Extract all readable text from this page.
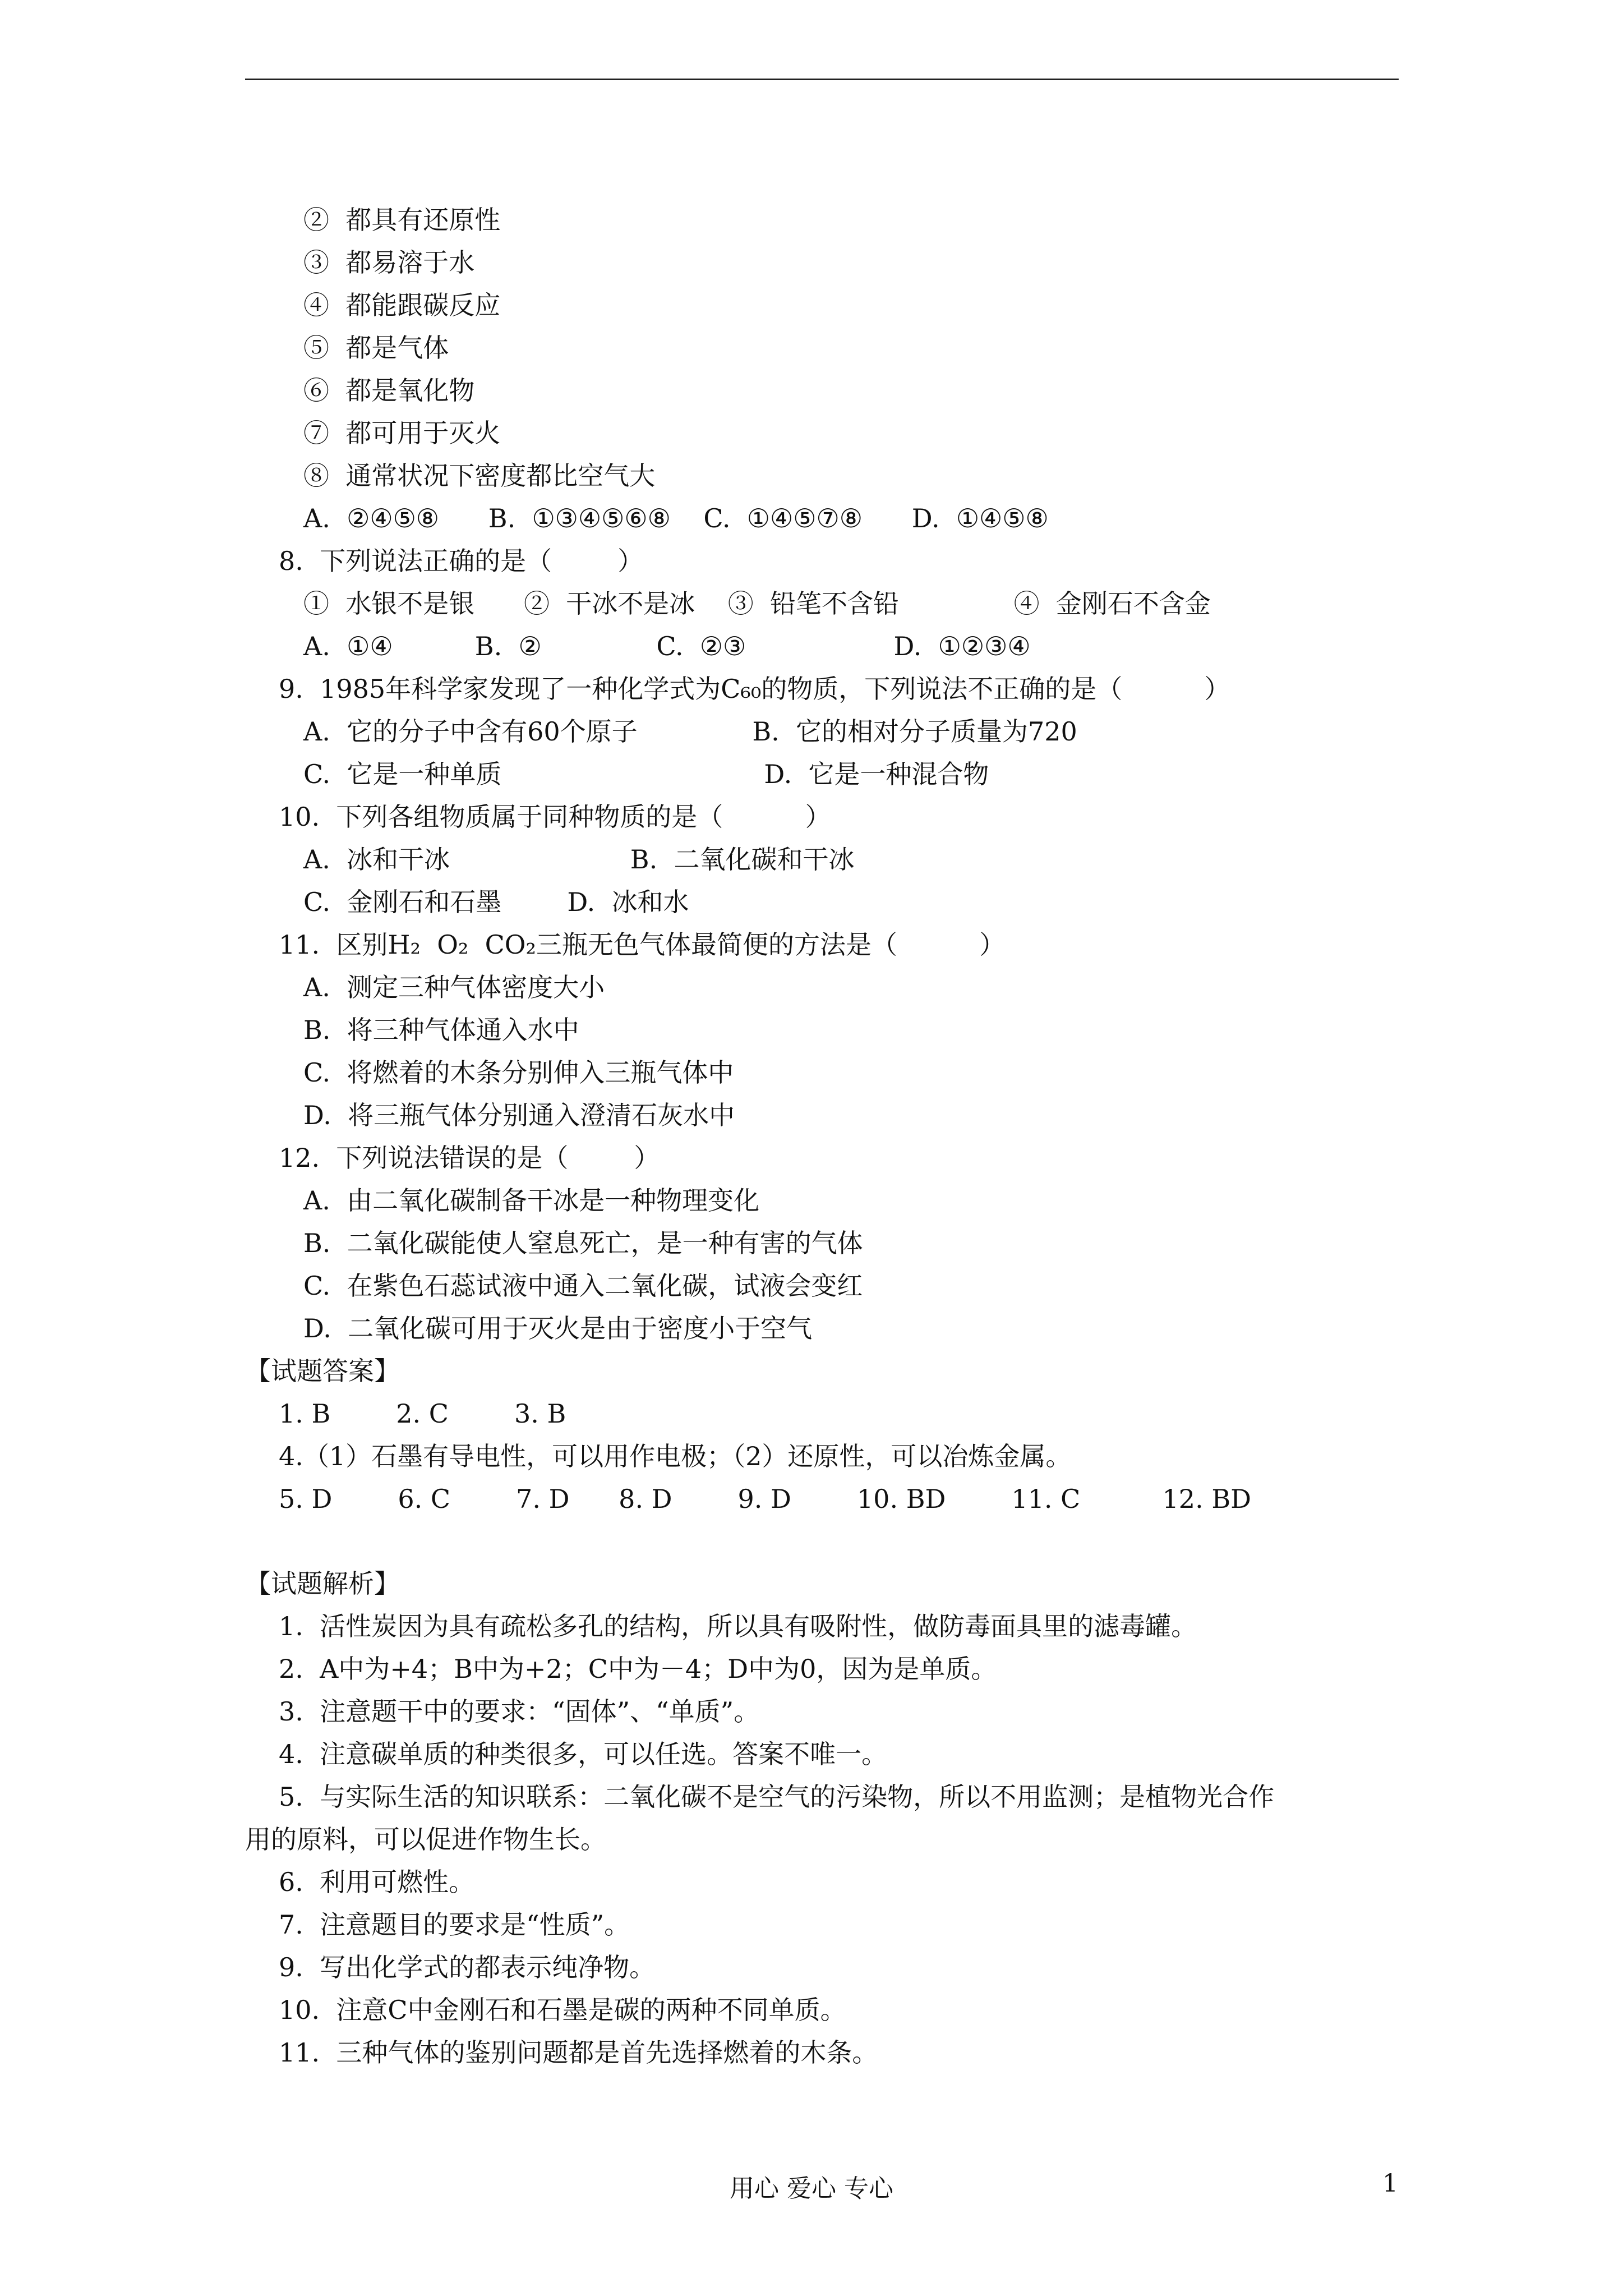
②  都具有还原性
③  都易溶于水
④  都能跟碳反应
⑤  都是气体
⑥  都是氧化物
⑦  都可用于灭火
⑧  通常状况下密度都比空气大
A.  ②④⑤⑧      B.  ①③④⑤⑥⑧    C.  ①④⑤⑦⑧      D.  ①④⑤⑧
8.  下列说法正确的是（        ）
①  水银不是银      ②  干冰不是冰    ③  铅笔不含铅              ④  金刚石不含金
A.  ①④          B.  ②              C.  ②③                  D.  ①②③④
9.  1985年科学家发现了一种化学式为C₆₀的物质，下列说法不正确的是（          ）
A.  它的分子中含有60个原子              B.  它的相对分子质量为720
C.  它是一种单质                                D.  它是一种混合物
10.  下列各组物质属于同种物质的是（          ）
A.  冰和干冰                      B.  二氧化碳和干冰
C.  金刚石和石墨        D.  冰和水
11.  区别H₂  O₂  CO₂三瓶无色气体最简便的方法是（          ）
A.  测定三种气体密度大小
B.  将三种气体通入水中
C.  将燃着的木条分别伸入三瓶气体中
D.  将三瓶气体分别通入澄清石灰水中
12.  下列说法错误的是（        ）
A.  由二氧化碳制备干冰是一种物理变化
B.  二氧化碳能使人窒息死亡，是一种有害的气体
C.  在紫色石蕊试液中通入二氧化碳，试液会变红
D.  二氧化碳可用于灭火是由于密度小于空气
【试题答案】
1. B        2. C        3. B
4.（1）石墨有导电性，可以用作电极；（2）还原性，可以冶炼金属。
5. D        6. C        7. D      8. D        9. D        10. BD        11. C          12. BD
【试题解析】
1.  活性炭因为具有疏松多孔的结构，所以具有吸附性，做防毒面具里的滤毒罐。
2.  A中为+4；B中为+2；C中为－4；D中为0，因为是单质。
3.  注意题干中的要求：“固体”、“单质”。
4.  注意碳单质的种类很多，可以任选。答案不唯一。
5.  与实际生活的知识联系：二氧化碳不是空气的污染物，所以不用监测；是植物光合作
用的原料，可以促进作物生长。
6.  利用可燃性。
7.  注意题目的要求是“性质”。
9.  写出化学式的都表示纯净物。
10.  注意C中金刚石和石墨是碳的两种不同单质。
11.  三种气体的鉴别问题都是首先选择燃着的木条。
用心 爱心 专心	1
